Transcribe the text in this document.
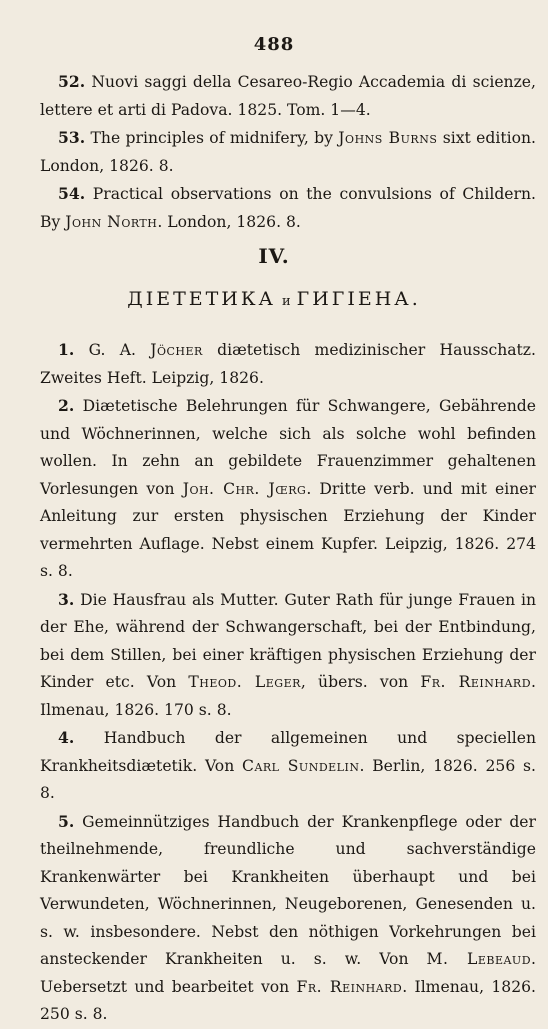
488

52. Nuovi saggi della Cesareo-Regio Accademia di scienze, lettere et arti di Padova. 1825. Tom. 1—4.

53. The principles of midnifery, by Johns Burns sixt edition. London, 1826. 8.

54. Practical observations on the convulsions of Childern. By John North. London, 1826. 8.

IV.
ДIЕТЕТИКА и ГИГIЕНА.

1. G. A. Jöcher diætetisch medizinischer Hausschatz. Zweites Heft. Leipzig, 1826.

2. Diætetische Belehrungen für Schwangere, Gebährende und Wöchnerinnen, welche sich als solche wohl befinden wollen. In zehn an gebildete Frauenzimmer gehaltenen Vorlesungen von Joh. Chr. Jœrg. Dritte verb. und mit einer Anleitung zur ersten physischen Erziehung der Kinder vermehrten Auflage. Nebst einem Kupfer. Leipzig, 1826. 274 s. 8.

3. Die Hausfrau als Mutter. Guter Rath für junge Frauen in der Ehe, während der Schwangerschaft, bei der Entbindung, bei dem Stillen, bei einer kräftigen physischen Erziehung der Kinder etc. Von Theod. Leger, übers. von Fr. Reinhard. Ilmenau, 1826. 170 s. 8.

4. Handbuch der allgemeinen und speciellen Krankheitsdiætetik. Von Carl Sundelin. Berlin, 1826. 256 s. 8.

5. Gemeinnütziges Handbuch der Krankenpflege oder der theilnehmende, freundliche und sachverständige Krankenwärter bei Krankheiten überhaupt und bei Verwundeten, Wöchnerinnen, Neugeborenen, Genesenden u. s. w. insbesondere. Nebst den nöthigen Vorkehrungen bei ansteckender Krankheiten u. s. w. Von M. Lebeaud. Uebersetzt und bearbeitet von Fr. Reinhard. Ilmenau, 1826. 250 s. 8.
